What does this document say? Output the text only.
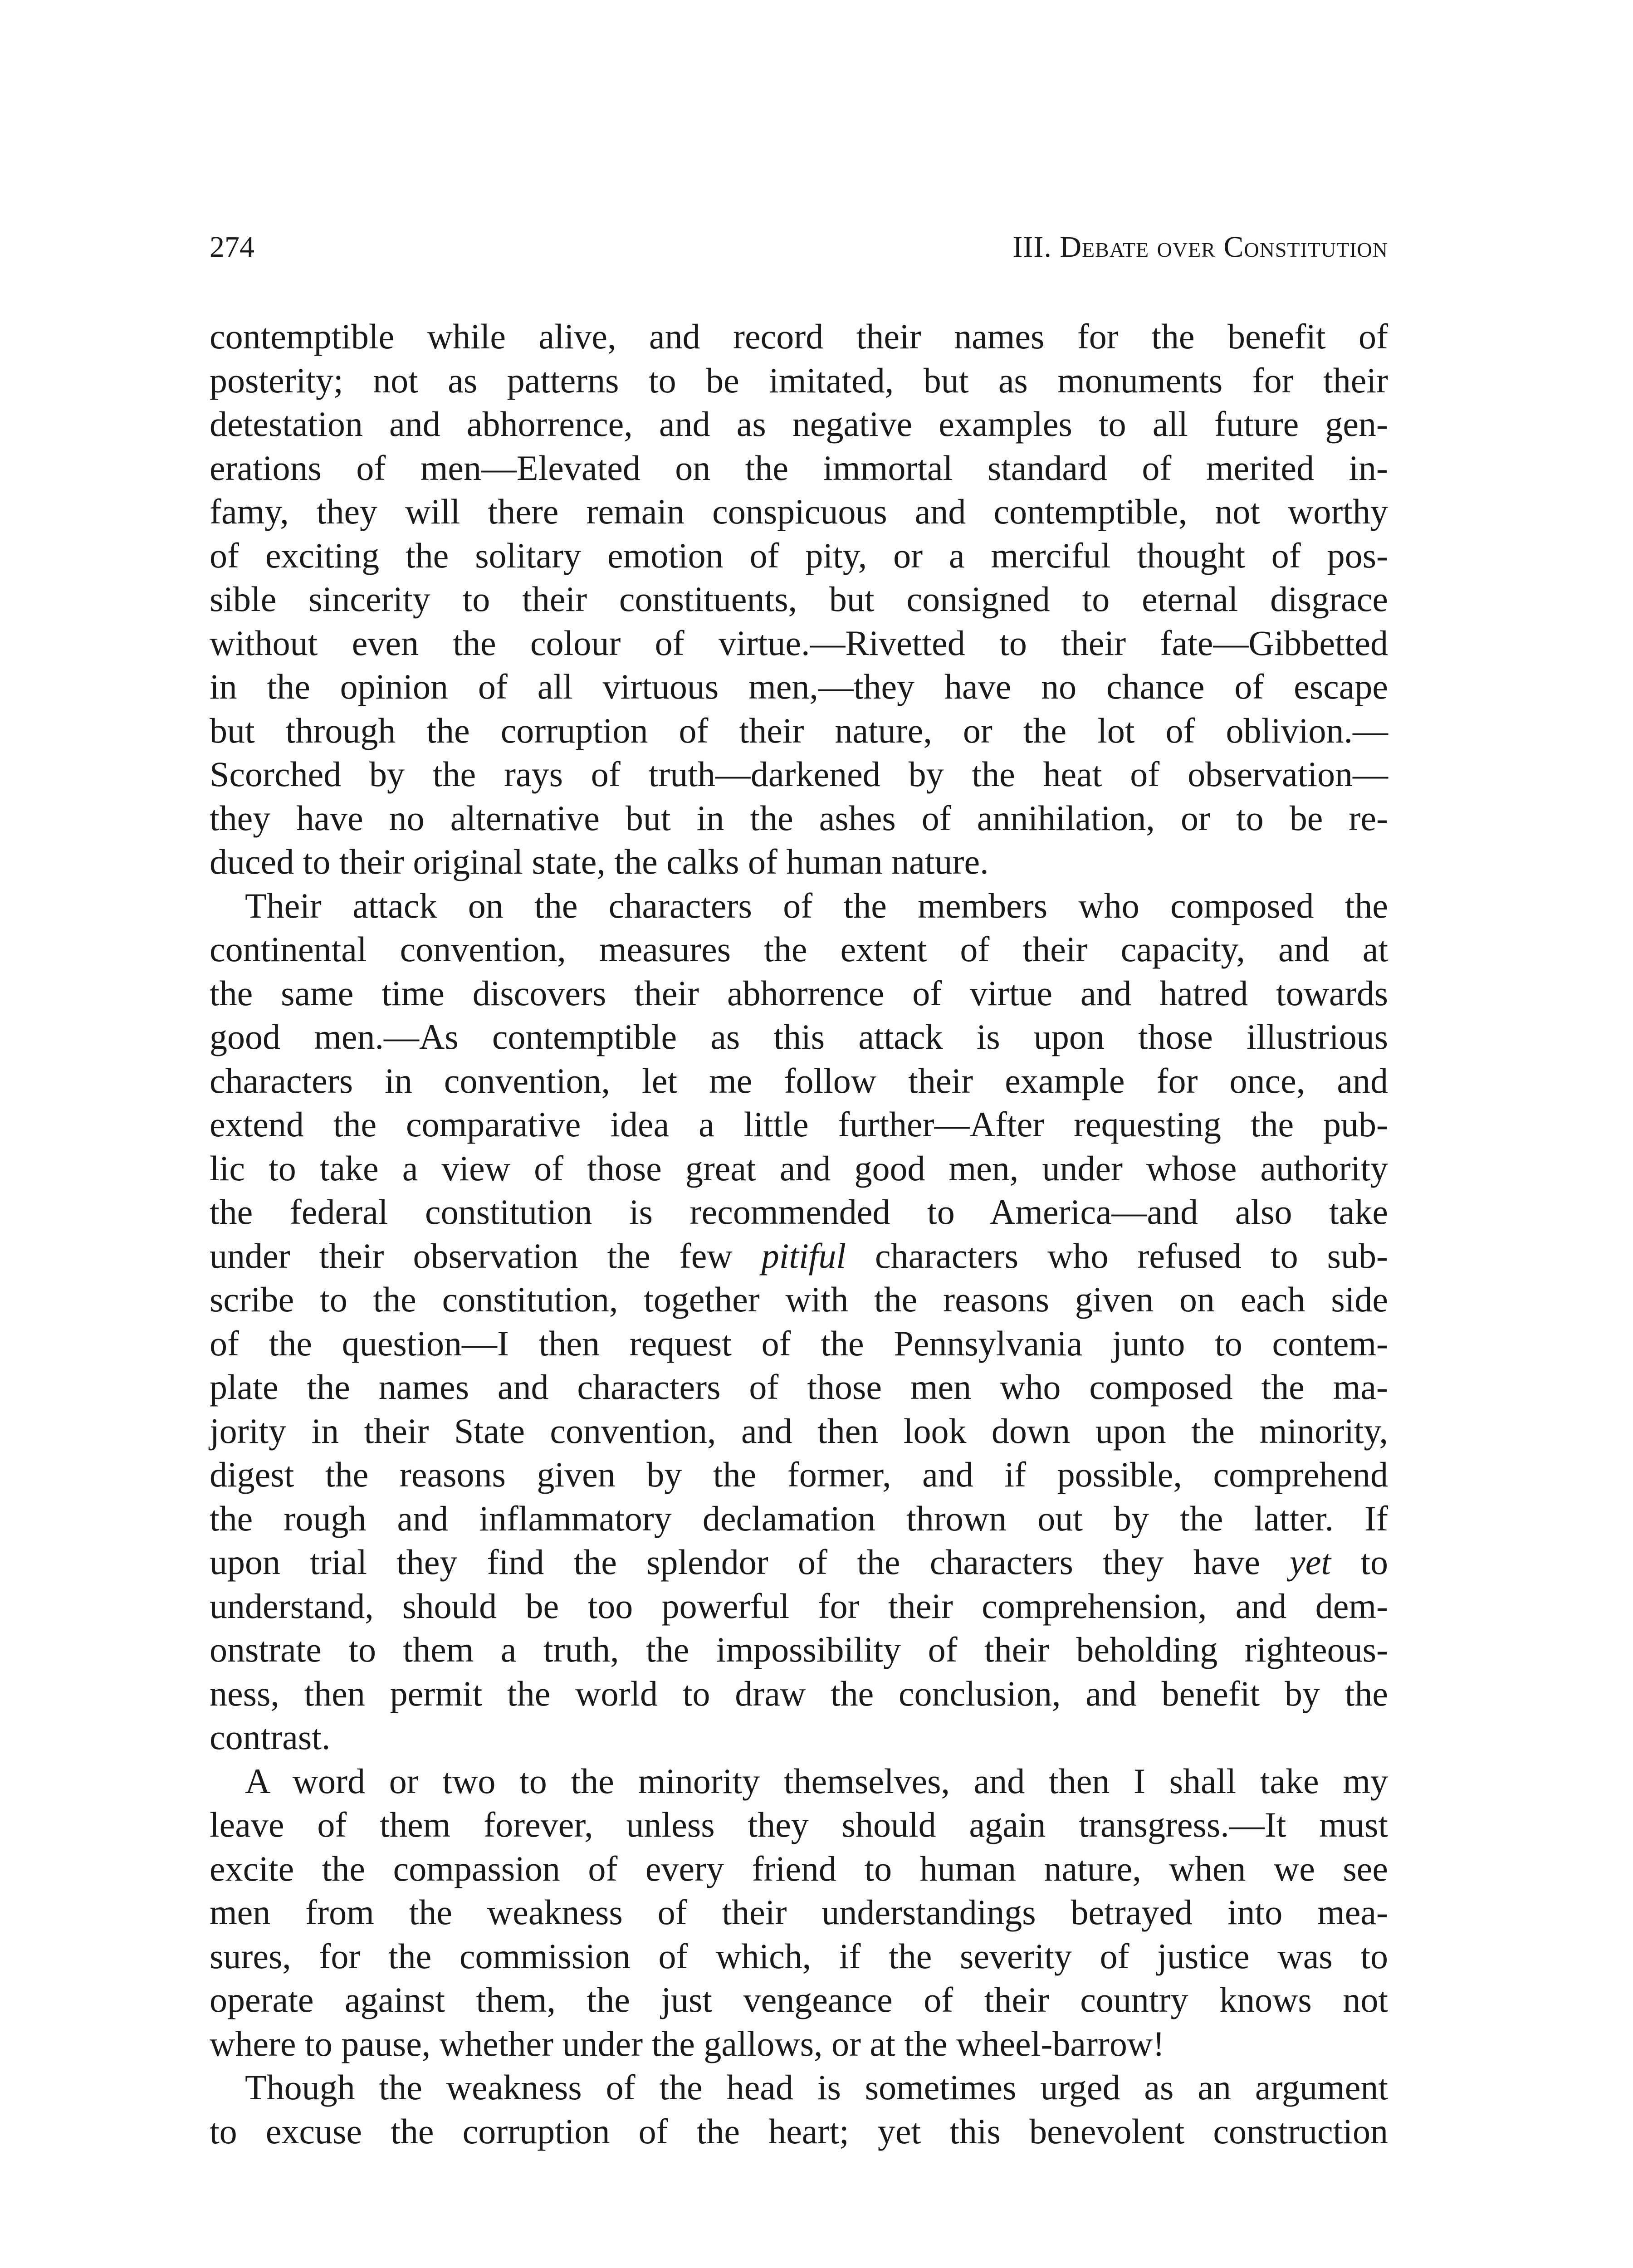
274	III. Debate over Constitution
contemptible while alive, and record their names for the benefit of
posterity; not as patterns to be imitated, but as monuments for their
detestation and abhorrence, and as negative examples to all future gen-
erations of men—Elevated on the immortal standard of merited in-
famy, they will there remain conspicuous and contemptible, not worthy
of exciting the solitary emotion of pity, or a merciful thought of pos-
sible sincerity to their constituents, but consigned to eternal disgrace
without even the colour of virtue.—Rivetted to their fate—Gibbetted
in the opinion of all virtuous men,—they have no chance of escape
but through the corruption of their nature, or the lot of oblivion.—
Scorched by the rays of truth—darkened by the heat of observation—
they have no alternative but in the ashes of annihilation, or to be re-
duced to their original state, the calks of human nature.
Their attack on the characters of the members who composed the
continental convention, measures the extent of their capacity, and at
the same time discovers their abhorrence of virtue and hatred towards
good men.—As contemptible as this attack is upon those illustrious
characters in convention, let me follow their example for once, and
extend the comparative idea a little further—After requesting the pub-
lic to take a view of those great and good men, under whose authority
the federal constitution is recommended to America—and also take
under their observation the few pitiful characters who refused to sub-
scribe to the constitution, together with the reasons given on each side
of the question—I then request of the Pennsylvania junto to contem-
plate the names and characters of those men who composed the ma-
jority in their State convention, and then look down upon the minority,
digest the reasons given by the former, and if possible, comprehend
the rough and inflammatory declamation thrown out by the latter. If
upon trial they find the splendor of the characters they have yet to
understand, should be too powerful for their comprehension, and dem-
onstrate to them a truth, the impossibility of their beholding righteous-
ness, then permit the world to draw the conclusion, and benefit by the
contrast.
A word or two to the minority themselves, and then I shall take my
leave of them forever, unless they should again transgress.—It must
excite the compassion of every friend to human nature, when we see
men from the weakness of their understandings betrayed into mea-
sures, for the commission of which, if the severity of justice was to
operate against them, the just vengeance of their country knows not
where to pause, whether under the gallows, or at the wheel-barrow!
Though the weakness of the head is sometimes urged as an argument
to excuse the corruption of the heart; yet this benevolent construction
